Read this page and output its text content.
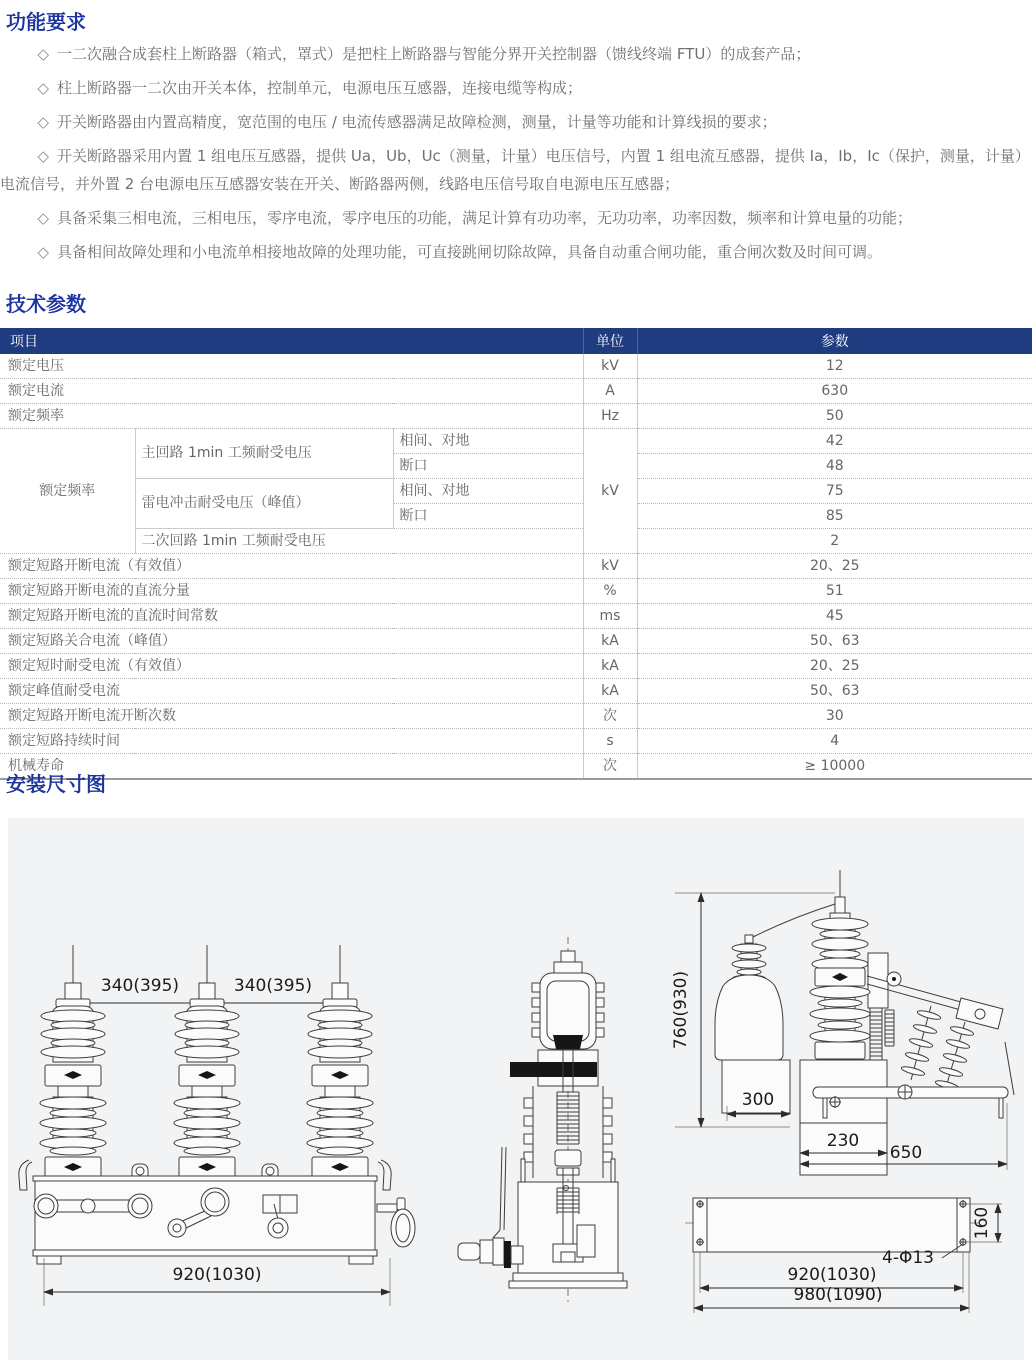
功能要求

◇ 一二次融合成套柱上断路器（箱式，罩式）是把柱上断路器与智能分界开关控制器（馈线终端 FTU）的成套产品；

◇ 柱上断路器一二次由开关本体，控制单元，电源电压互感器，连接电缆等构成；

◇ 开关断路器由内置高精度，宽范围的电压 / 电流传感器满足故障检测，测量，计量等功能和计算线损的要求；

◇ 开关断路器采用内置 1 组电压互感器，提供 Ua，Ub，Uc（测量，计量）电压信号，内置 1 组电流互感器，提供 Ia，Ib，Ic（保护，测量，计量）电流信号，并外置 2 台电源电压互感器安装在开关、断路器两侧，线路电压信号取自电源电压互感器；

◇ 具备采集三相电流，三相电压，零序电流，零序电压的功能，满足计算有功功率，无功功率，功率因数，频率和计算电量的功能；

◇ 具备相间故障处理和小电流单相接地故障的处理功能，可直接跳闸切除故障，具备自动重合闸功能，重合闸次数及时间可调。

技术参数
项目			单位	参数
额定电压			kV	12
额定电流			A	630
额定频率			Hz	50
额定频率	主回路 1min 工频耐受电压	相间、对地	kV	42
		断口		48
	雷电冲击耐受电压（峰值）	相间、对地		75
		断口		85
	二次回路 1min 工频耐受电压			2
额定短路开断电流（有效值）			kV	20、25
额定短路开断电流的直流分量			%	51
额定短路开断电流的直流时间常数			ms	45
额定短路关合电流（峰值）			kA	50、63
额定短时耐受电流（有效值）			kA	20、25
额定峰值耐受电流			kA	50、63
额定短路开断电流开断次数			次	30
额定短路持续时间			s	4
机械寿命			次	≥ 10000
安装尺寸图
340(395)	340(395)
920(1030)
760(930)
300
230
650
160
4-Φ13
920(1030)
980(1090)
